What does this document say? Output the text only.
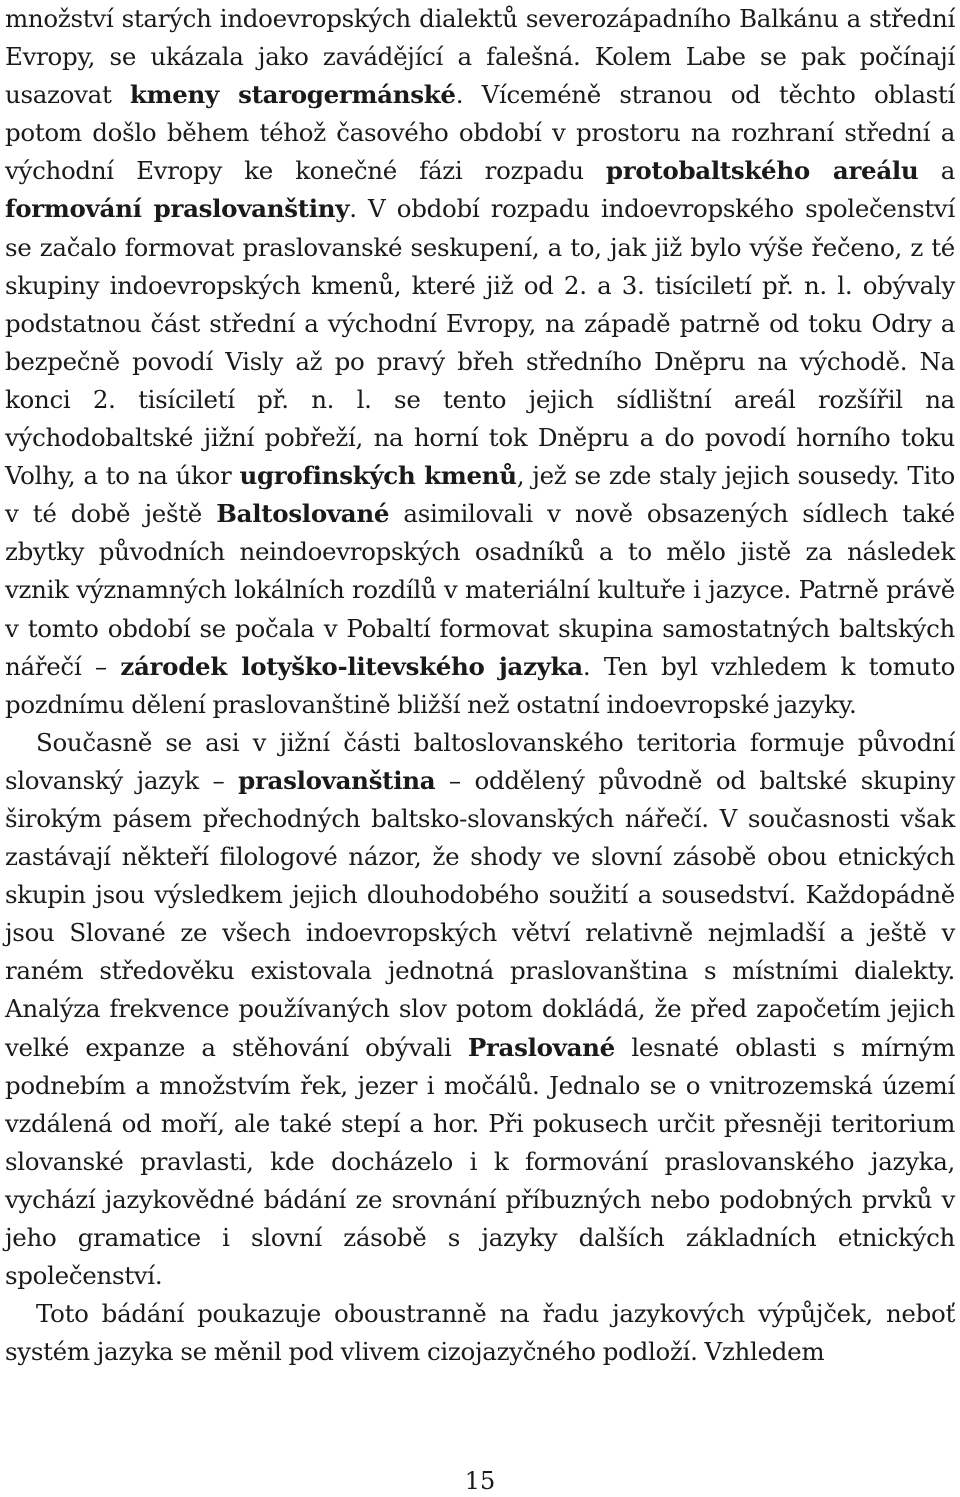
množství starých indoevropských dialektů severozápadního Balkánu a střední Evropy, se ukázala jako zavádějící a falešná. Kolem Labe se pak počínají usazovat kmeny starogermánské. Víceméně stranou od těchto oblastí potom došlo během téhož časového období v prostoru na rozhraní střední a východní Evropy ke konečné fázi rozpadu protobaltského areálu a formování praslovanštiny. V období rozpadu indoevropského společenství se začalo formovat praslovanské seskupení, a to, jak již bylo výše řečeno, z té skupiny indoevropských kmenů, které již od 2. a 3. tisíciletí př. n. l. obývaly podstatnou část střední a východní Evropy, na západě patrně od toku Odry a bezpečně povodí Visly až po pravý břeh středního Dněpru na východě. Na konci 2. tisíciletí př. n. l. se tento jejich sídlištní areál rozšířil na východobaltské jižní pobřeží, na horní tok Dněpru a do povodí horního toku Volhy, a to na úkor ugrofinských kmenů, jež se zde staly jejich sousedy. Tito v té době ještě Baltoslované asimilovali v nově obsazených sídlech také zbytky původních neindoevropských osadníků a to mělo jistě za následek vznik významných lokálních rozdílů v materiální kultuře i jazyce. Patrně právě v tomto období se počala v Pobaltí formovat skupina samostatných baltských nářečí – zárodek lotyško-litevského jazyka. Ten byl vzhledem k tomuto pozdnímu dělení praslovanštině bližší než ostatní indoevropské jazyky.

Současně se asi v jižní části baltoslovanského teritoria formuje původní slovanský jazyk – praslovanština – oddělený původně od baltské skupiny širokým pásem přechodných baltsko-slovanských nářečí. V současnosti však zastávají někteří filologové názor, že shody ve slovní zásobě obou etnických skupin jsou výsledkem jejich dlouhodobého soužití a sousedství. Každopádně jsou Slované ze všech indoevropských větví relativně nejmladší a ještě v raném středověku existovala jednotná praslovanština s místními dialekty. Analýza frekvence používaných slov potom dokládá, že před započetím jejich velké expanze a stěhování obývali Praslované lesnaté oblasti s mírným podnebím a množstvím řek, jezer i močálů. Jednalo se o vnitrozemská území vzdálená od moří, ale také stepí a hor. Při pokusech určit přesněji teritorium slovanské pravlasti, kde docházelo i k formování praslovanského jazyka, vychází jazykovědné bádání ze srovnání příbuzných nebo podobných prvků v jeho gramatice i slovní zásobě s jazyky dalších základních etnických společenství.

Toto bádání poukazuje oboustranně na řadu jazykových výpůjček, neboť systém jazyka se měnil pod vlivem cizojazyčného podloží. Vzhledem

15
